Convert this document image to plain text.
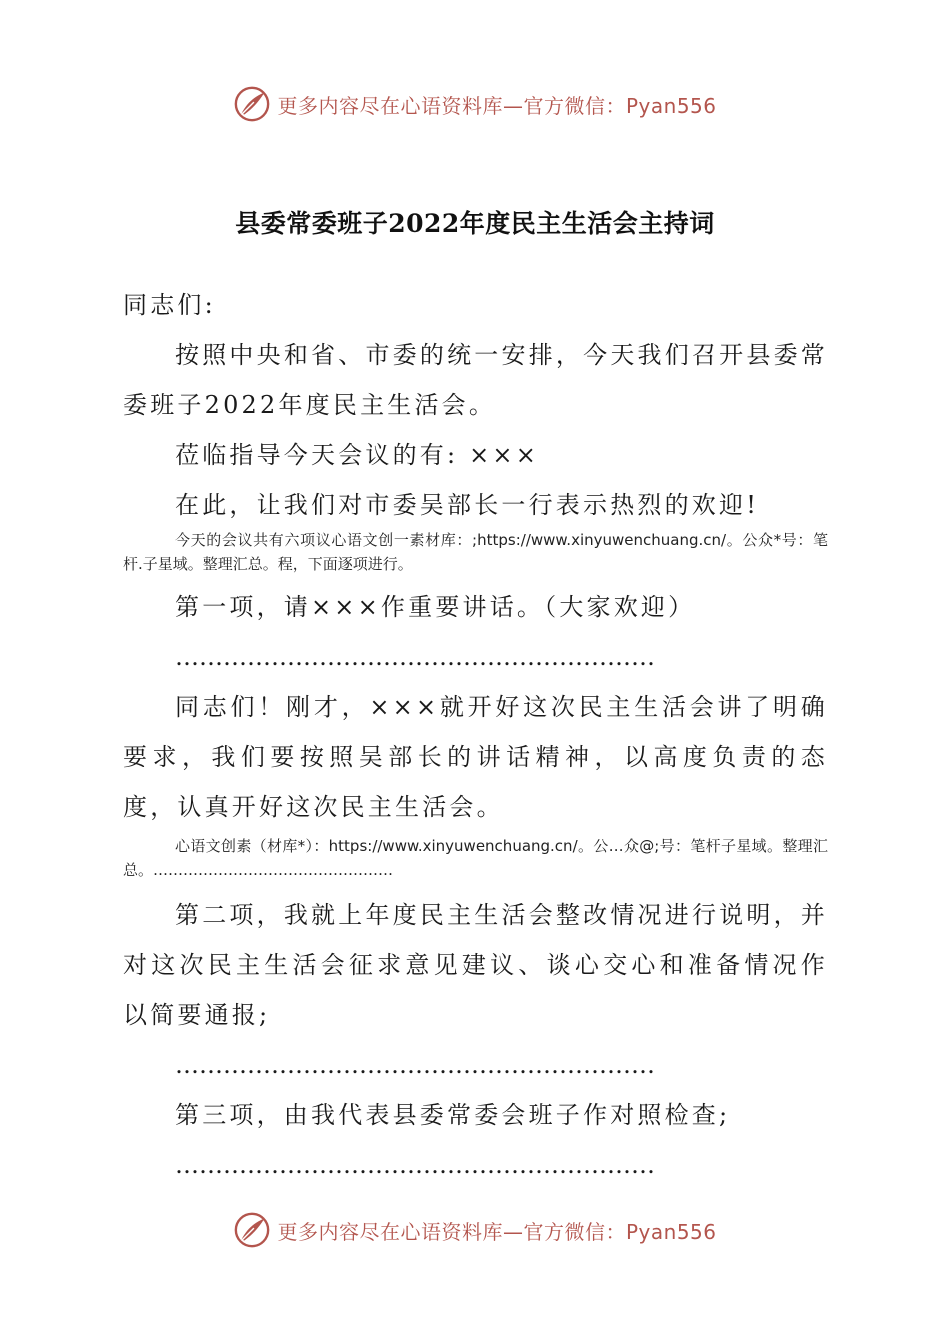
更多内容尽在心语资料库—官方微信：Pyan556
县委常委班子2022年度民主生活会主持词

同志们:

按照中央和省、市委的统一安排，今天我们召开县委常委班子2022年度民主生活会。

莅临指导今天会议的有: ×××

在此，让我们对市委吴部长一行表示热烈的欢迎!

今天的会议共有六项议心语文创一素材库：;https://www.xinyuwenchuang.cn/。公众*号：笔杆.子星域。整理汇总。程，下面逐项进行。

第一项，请×××作重要讲话。（大家欢迎）

……………………………………………………

同志们！刚才，×××就开好这次民主生活会讲了明确要求，我们要按照吴部长的讲话精神，以高度负责的态度，认真开好这次民主生活会。

心语文创素（材库*）：https://www.xinyuwenchuang.cn/。公…众@;号：笔杆子星域。整理汇总。…………………………………………

第二项，我就上年度民主生活会整改情况进行说明，并对这次民主生活会征求意见建议、谈心交心和准备情况作以简要通报;

……………………………………………………

第三项，由我代表县委常委会班子作对照检查;

……………………………………………………

更多内容尽在心语资料库—官方微信：Pyan556
